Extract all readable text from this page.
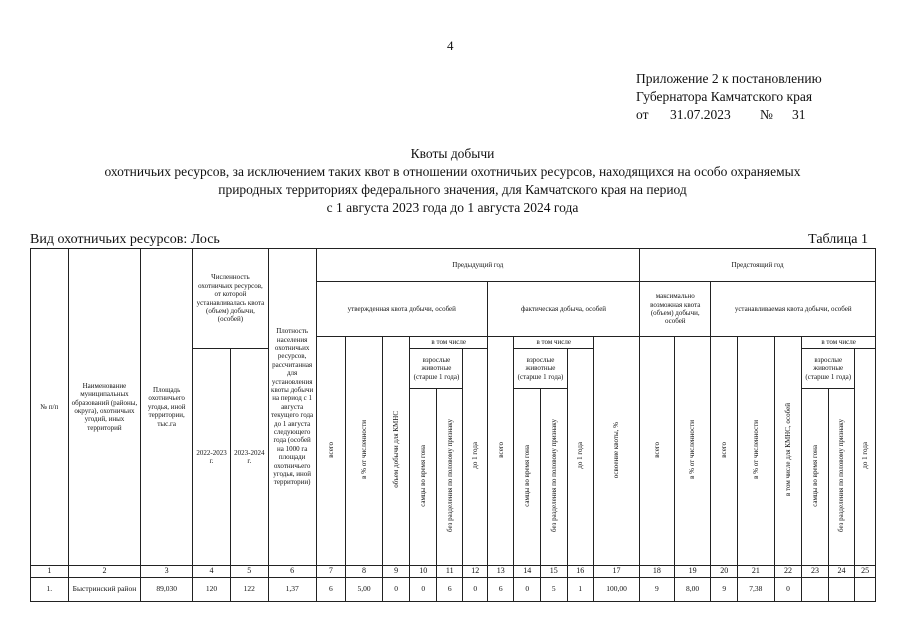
4
Приложение 2 к постановлению
Губернатора Камчатского края
от	31.07.2023	№	31
Квоты добычи
охотничьих ресурсов, за исключением таких квот в отношении охотничьих ресурсов, находящихся на особо охраняемых
природных территориях федерального значения, для Камчатского края на период
с 1 августа 2023 года до 1 августа 2024 года
Вид охотничьих ресурсов: Лось	Таблица 1
№ п/п	Наименование муниципальных образований (районы, округа), охотничьих угодий, иных территорий	Площадь охотничьего угодья, иной территории, тыс.га	Численность охотничьих ресурсов, от которой устанавливалась квота (объем) добычи, (особей)		Плотность населения охотничьих ресурсов, рассчитанная для установления квоты добычи на период с 1 августа текущего года до 1 августа следующего года (особей на 1000 га площади охотничьего угодья, иной территории)	Предыдущий год											Предстоящий год							
						утвержденная квота добычи, особей						фактическая добыча, особей					максимально возможная квота (объем) добычи, особей		устанавливаемая квота добычи, особей					
						всего	в % от численности	объем добычи для КМНС	в том числе			всего	в том числе			освоение квоты, %	всего	в % от численности	всего	в % от численности	в том числе для КМНС, особей	в том числе		
			2022-2023 г.	2023-2024 г.					взрослые животные (старше 1 года)		до 1 года		взрослые животные (старше 1 года)		до 1 года							взрослые животные (старше 1 года)		до 1 года
									самцы во время гона	без разделения по половому признаку			самцы во время гона	без разделения по половому признаку								самцы во время гона	без разделения по половому признаку	
1	2	3	4	5	6	7	8	9	10	11	12	13	14	15	16	17	18	19	20	21	22	23	24	25
1.	Быстринский район	89,030	120	122	1,37	6	5,00	0	0	6	0	6	0	5	1	100,00	9	8,00	9	7,38	0			
